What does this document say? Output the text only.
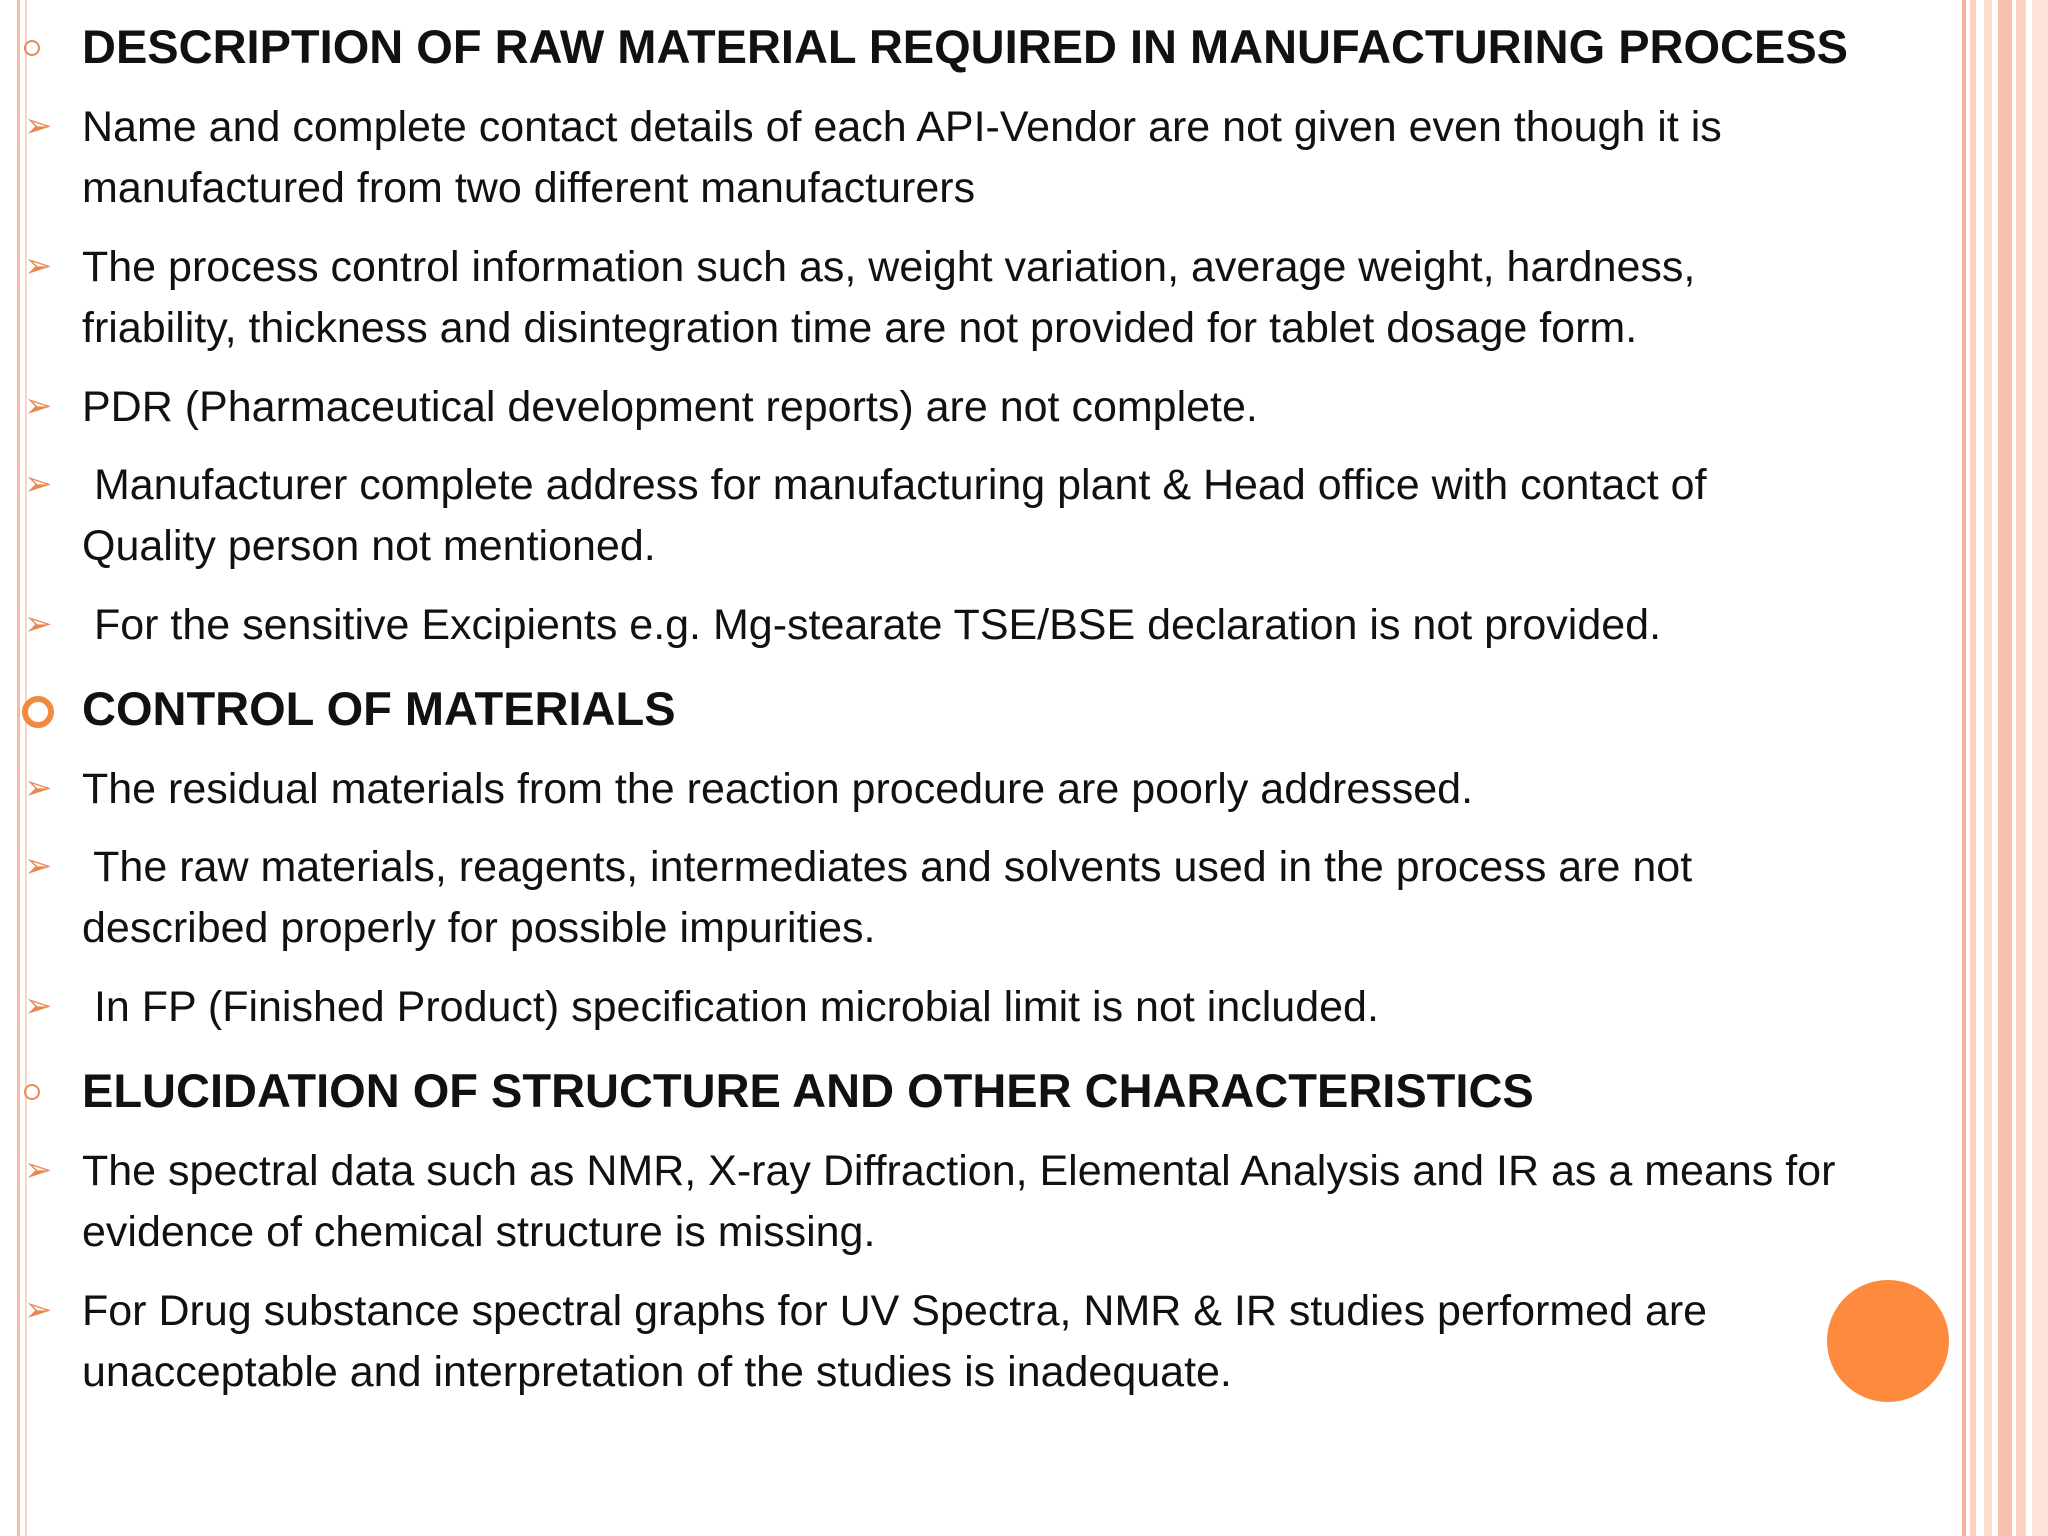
DESCRIPTION OF RAW MATERIAL REQUIRED IN MANUFACTURING PROCESS
➢ Name and complete contact details of each API-Vendor are not given even though it is
manufactured from two different manufacturers
➢ The process control information such as, weight variation, average weight, hardness,
friability, thickness and disintegration time are not provided for tablet dosage form.
➢ PDR (Pharmaceutical development reports) are not complete.
➢ Manufacturer complete address for manufacturing plant & Head office with contact of
Quality person not mentioned.
➢ For the sensitive Excipients e.g. Mg-stearate TSE/BSE declaration is not provided.
CONTROL OF MATERIALS
➢ The residual materials from the reaction procedure are poorly addressed.
➢ The raw materials, reagents, intermediates and solvents used in the process are not
described properly for possible impurities.
➢ In FP (Finished Product) specification microbial limit is not included.
ELUCIDATION OF STRUCTURE AND OTHER CHARACTERISTICS
➢ The spectral data such as NMR, X-ray Diffraction, Elemental Analysis and IR as a means for
evidence of chemical structure is missing.
➢ For Drug substance spectral graphs for UV Spectra, NMR & IR studies performed are
unacceptable and interpretation of the studies is inadequate.
